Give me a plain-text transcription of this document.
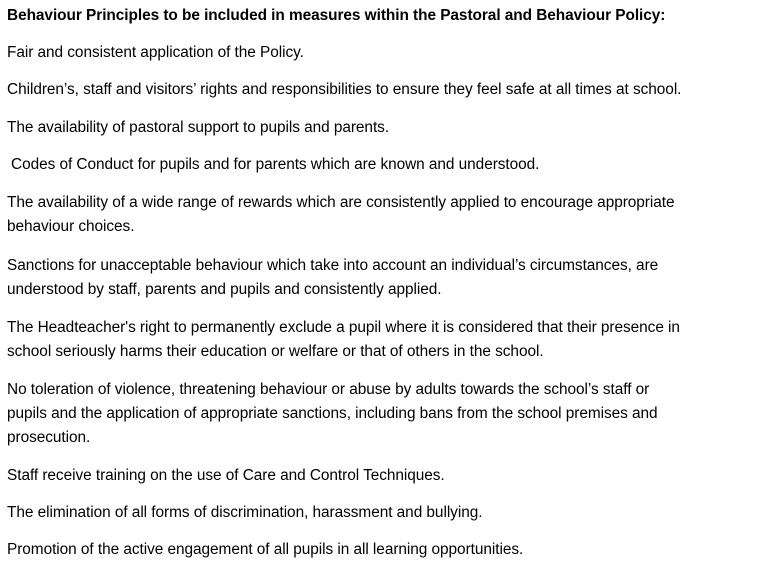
Behaviour Principles to be included in measures within the Pastoral and Behaviour Policy:
Fair and consistent application of the Policy.
Children’s, staff and visitors’ rights and responsibilities to ensure they feel safe at all times at school.
The availability of pastoral support to pupils and parents.
Codes of Conduct for pupils and for parents which are known and understood.
The availability of a wide range of rewards which are consistently applied to encourage appropriate
behaviour choices.
Sanctions for unacceptable behaviour which take into account an individual’s circumstances, are
understood by staff, parents and pupils and consistently applied.
The Headteacher's right to permanently exclude a pupil where it is considered that their presence in
school seriously harms their education or welfare or that of others in the school.
No toleration of violence, threatening behaviour or abuse by adults towards the school’s staff or
pupils and the application of appropriate sanctions, including bans from the school premises and
prosecution.
Staff receive training on the use of Care and Control Techniques.
The elimination of all forms of discrimination, harassment and bullying.
Promotion of the active engagement of all pupils in all learning opportunities.
